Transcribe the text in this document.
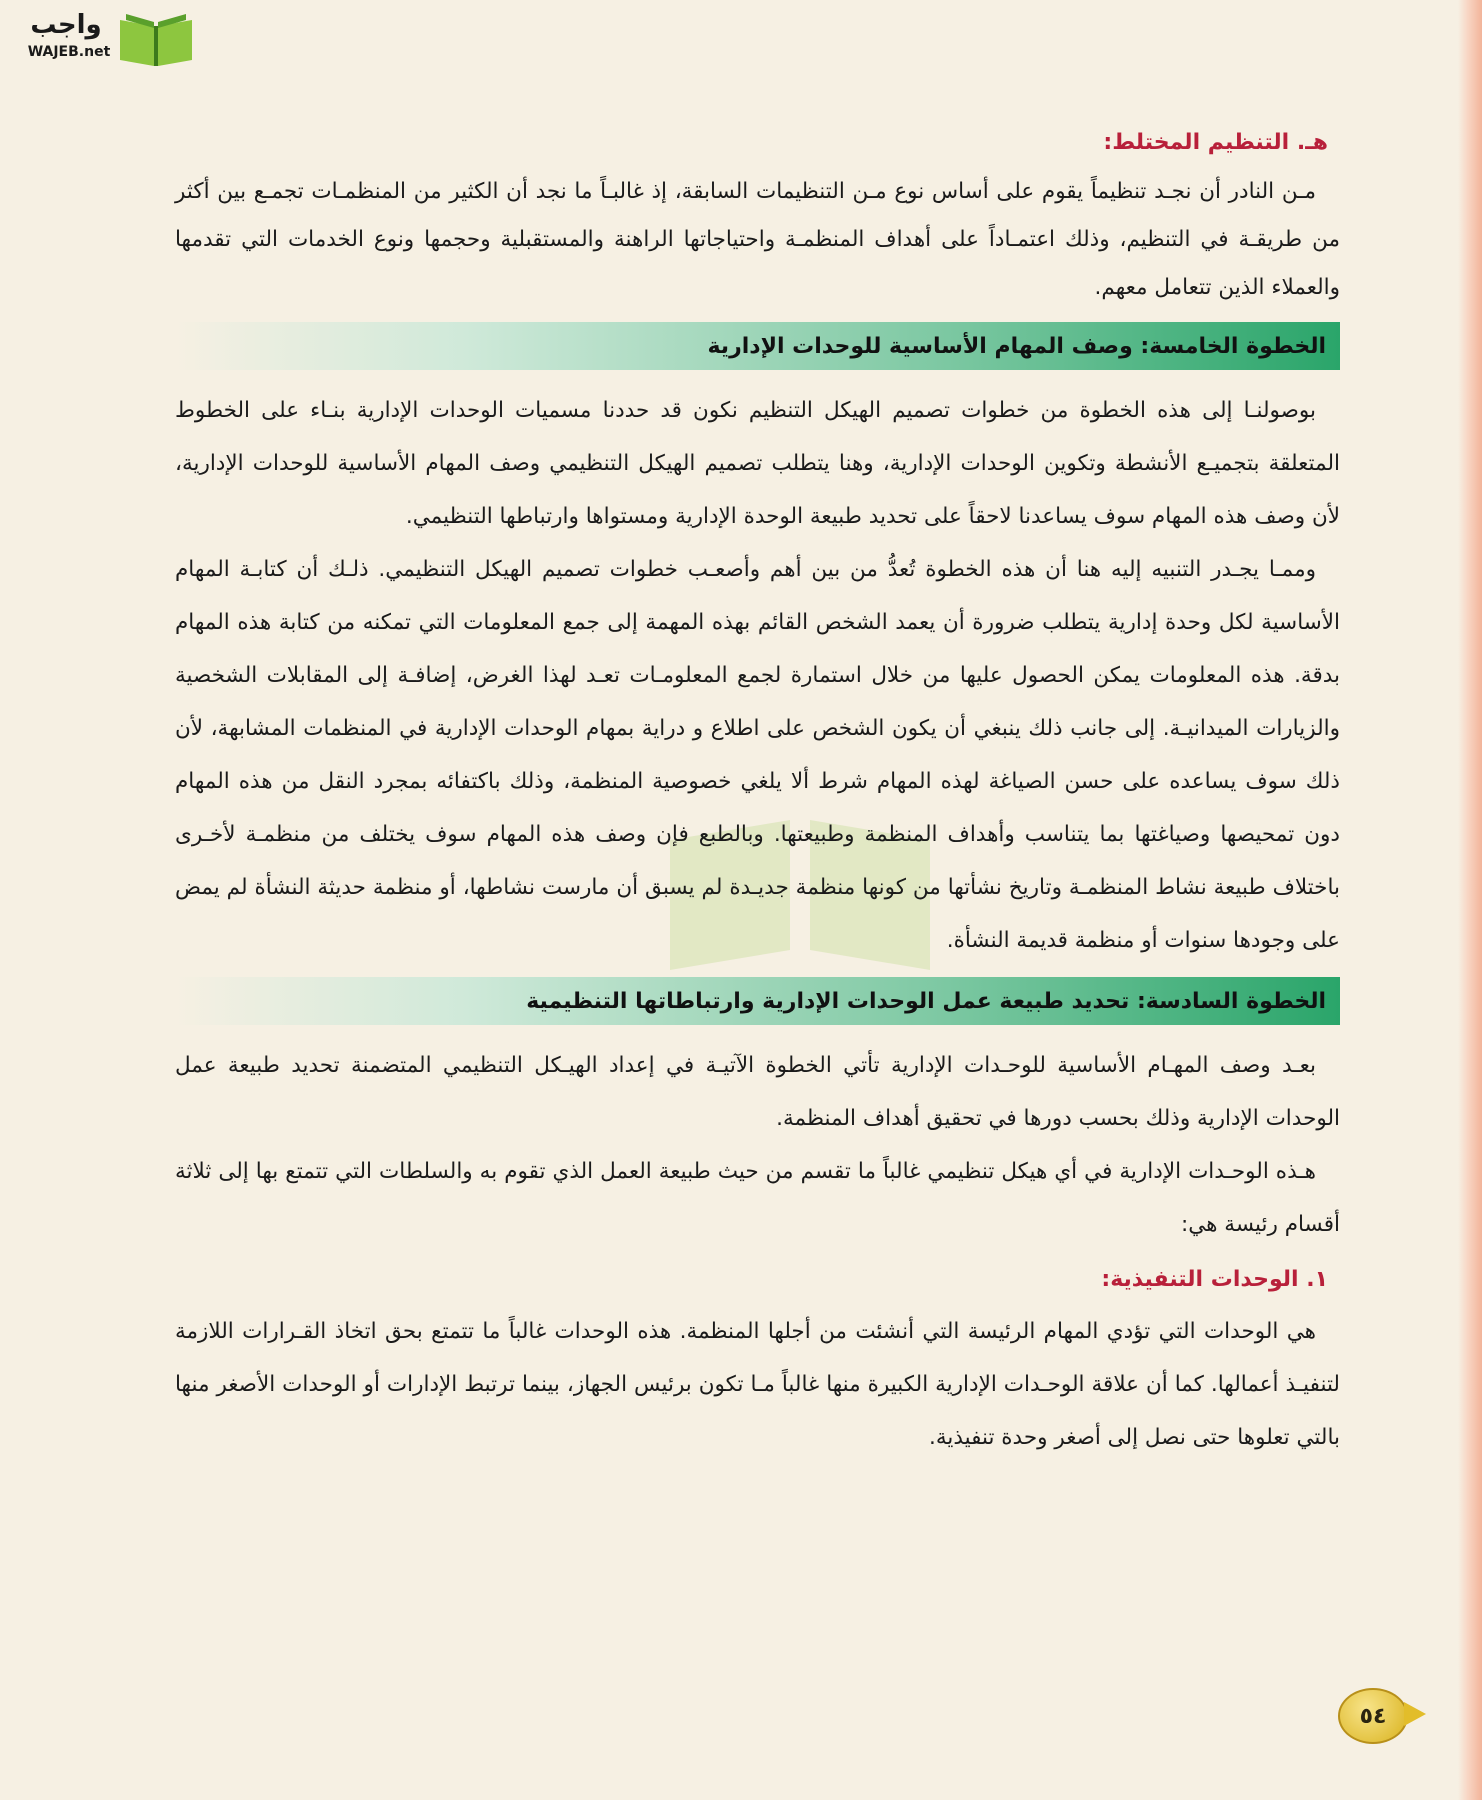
واجب
WAJEB.net
هـ. التنظيم المختلط:

مـن النادر أن نجـد تنظيماً يقوم على أساس نوع مـن التنظيمات السابقة، إذ غالبـاً ما نجد أن الكثير من المنظمـات تجمـع بين أكثر من طريقـة في التنظيم، وذلك اعتمـاداً على أهداف المنظمـة واحتياجاتها الراهنة والمستقبلية وحجمها ونوع الخدمات التي تقدمها والعملاء الذين تتعامل معهم.

الخطوة الخامسة: وصف المهام الأساسية للوحدات الإدارية

بوصولنـا إلى هذه الخطوة من خطوات تصميم الهيكل التنظيم نكون قد حددنا مسميات الوحدات الإدارية بنـاء على الخطوط المتعلقة بتجميـع الأنشطة وتكوين الوحدات الإدارية، وهنا يتطلب تصميم الهيكل التنظيمي وصف المهام الأساسية للوحدات الإدارية، لأن وصف هذه المهام سوف يساعدنا لاحقاً على تحديد طبيعة الوحدة الإدارية ومستواها وارتباطها التنظيمي.

وممـا يجـدر التنبيه إليه هنا أن هذه الخطوة تُعدُّ من بين أهم وأصعـب خطوات تصميم الهيكل التنظيمي. ذلـك أن كتابـة المهام الأساسية لكل وحدة إدارية يتطلب ضرورة أن يعمد الشخص القائم بهذه المهمة إلى جمع المعلومات التي تمكنه من كتابة هذه المهام بدقة. هذه المعلومات يمكن الحصول عليها من خلال استمارة لجمع المعلومـات تعـد لهذا الغرض، إضافـة إلى المقابلات الشخصية والزيارات الميدانيـة. إلى جانب ذلك ينبغي أن يكون الشخص على اطلاع و دراية بمهام الوحدات الإدارية في المنظمات المشابهة، لأن ذلك سوف يساعده على حسن الصياغة لهذه المهام شرط ألا يلغي خصوصية المنظمة، وذلك باكتفائه بمجرد النقل من هذه المهام دون تمحيصها وصياغتها بما يتناسب وأهداف المنظمة وطبيعتها. وبالطبع فإن وصف هذه المهام سوف يختلف من منظمـة لأخـرى باختلاف طبيعة نشاط المنظمـة وتاريخ نشأتها من كونها منظمة جديـدة لم يسبق أن مارست نشاطها، أو منظمة حديثة النشأة لم يمض على وجودها سنوات أو منظمة قديمة النشأة.

الخطوة السادسة: تحديد طبيعة عمل الوحدات الإدارية وارتباطاتها التنظيمية

بعـد وصف المهـام الأساسية للوحـدات الإدارية تأتي الخطوة الآتيـة في إعداد الهيـكل التنظيمي المتضمنة تحديد طبيعة عمل الوحدات الإدارية وذلك بحسب دورها في تحقيق أهداف المنظمة.

هـذه الوحـدات الإدارية في أي هيكل تنظيمي غالباً ما تقسم من حيث طبيعة العمل الذي تقوم به والسلطات التي تتمتع بها إلى ثلاثة أقسام رئيسة هي:

١. الوحدات التنفيذية:

هي الوحدات التي تؤدي المهام الرئيسة التي أنشئت من أجلها المنظمة. هذه الوحدات غالباً ما تتمتع بحق اتخاذ القـرارات اللازمة لتنفيـذ أعمالها. كما أن علاقة الوحـدات الإدارية الكبيرة منها غالباً مـا تكون برئيس الجهاز، بينما ترتبط الإدارات أو الوحدات الأصغر منها بالتي تعلوها حتى نصل إلى أصغر وحدة تنفيذية.

٥٤
